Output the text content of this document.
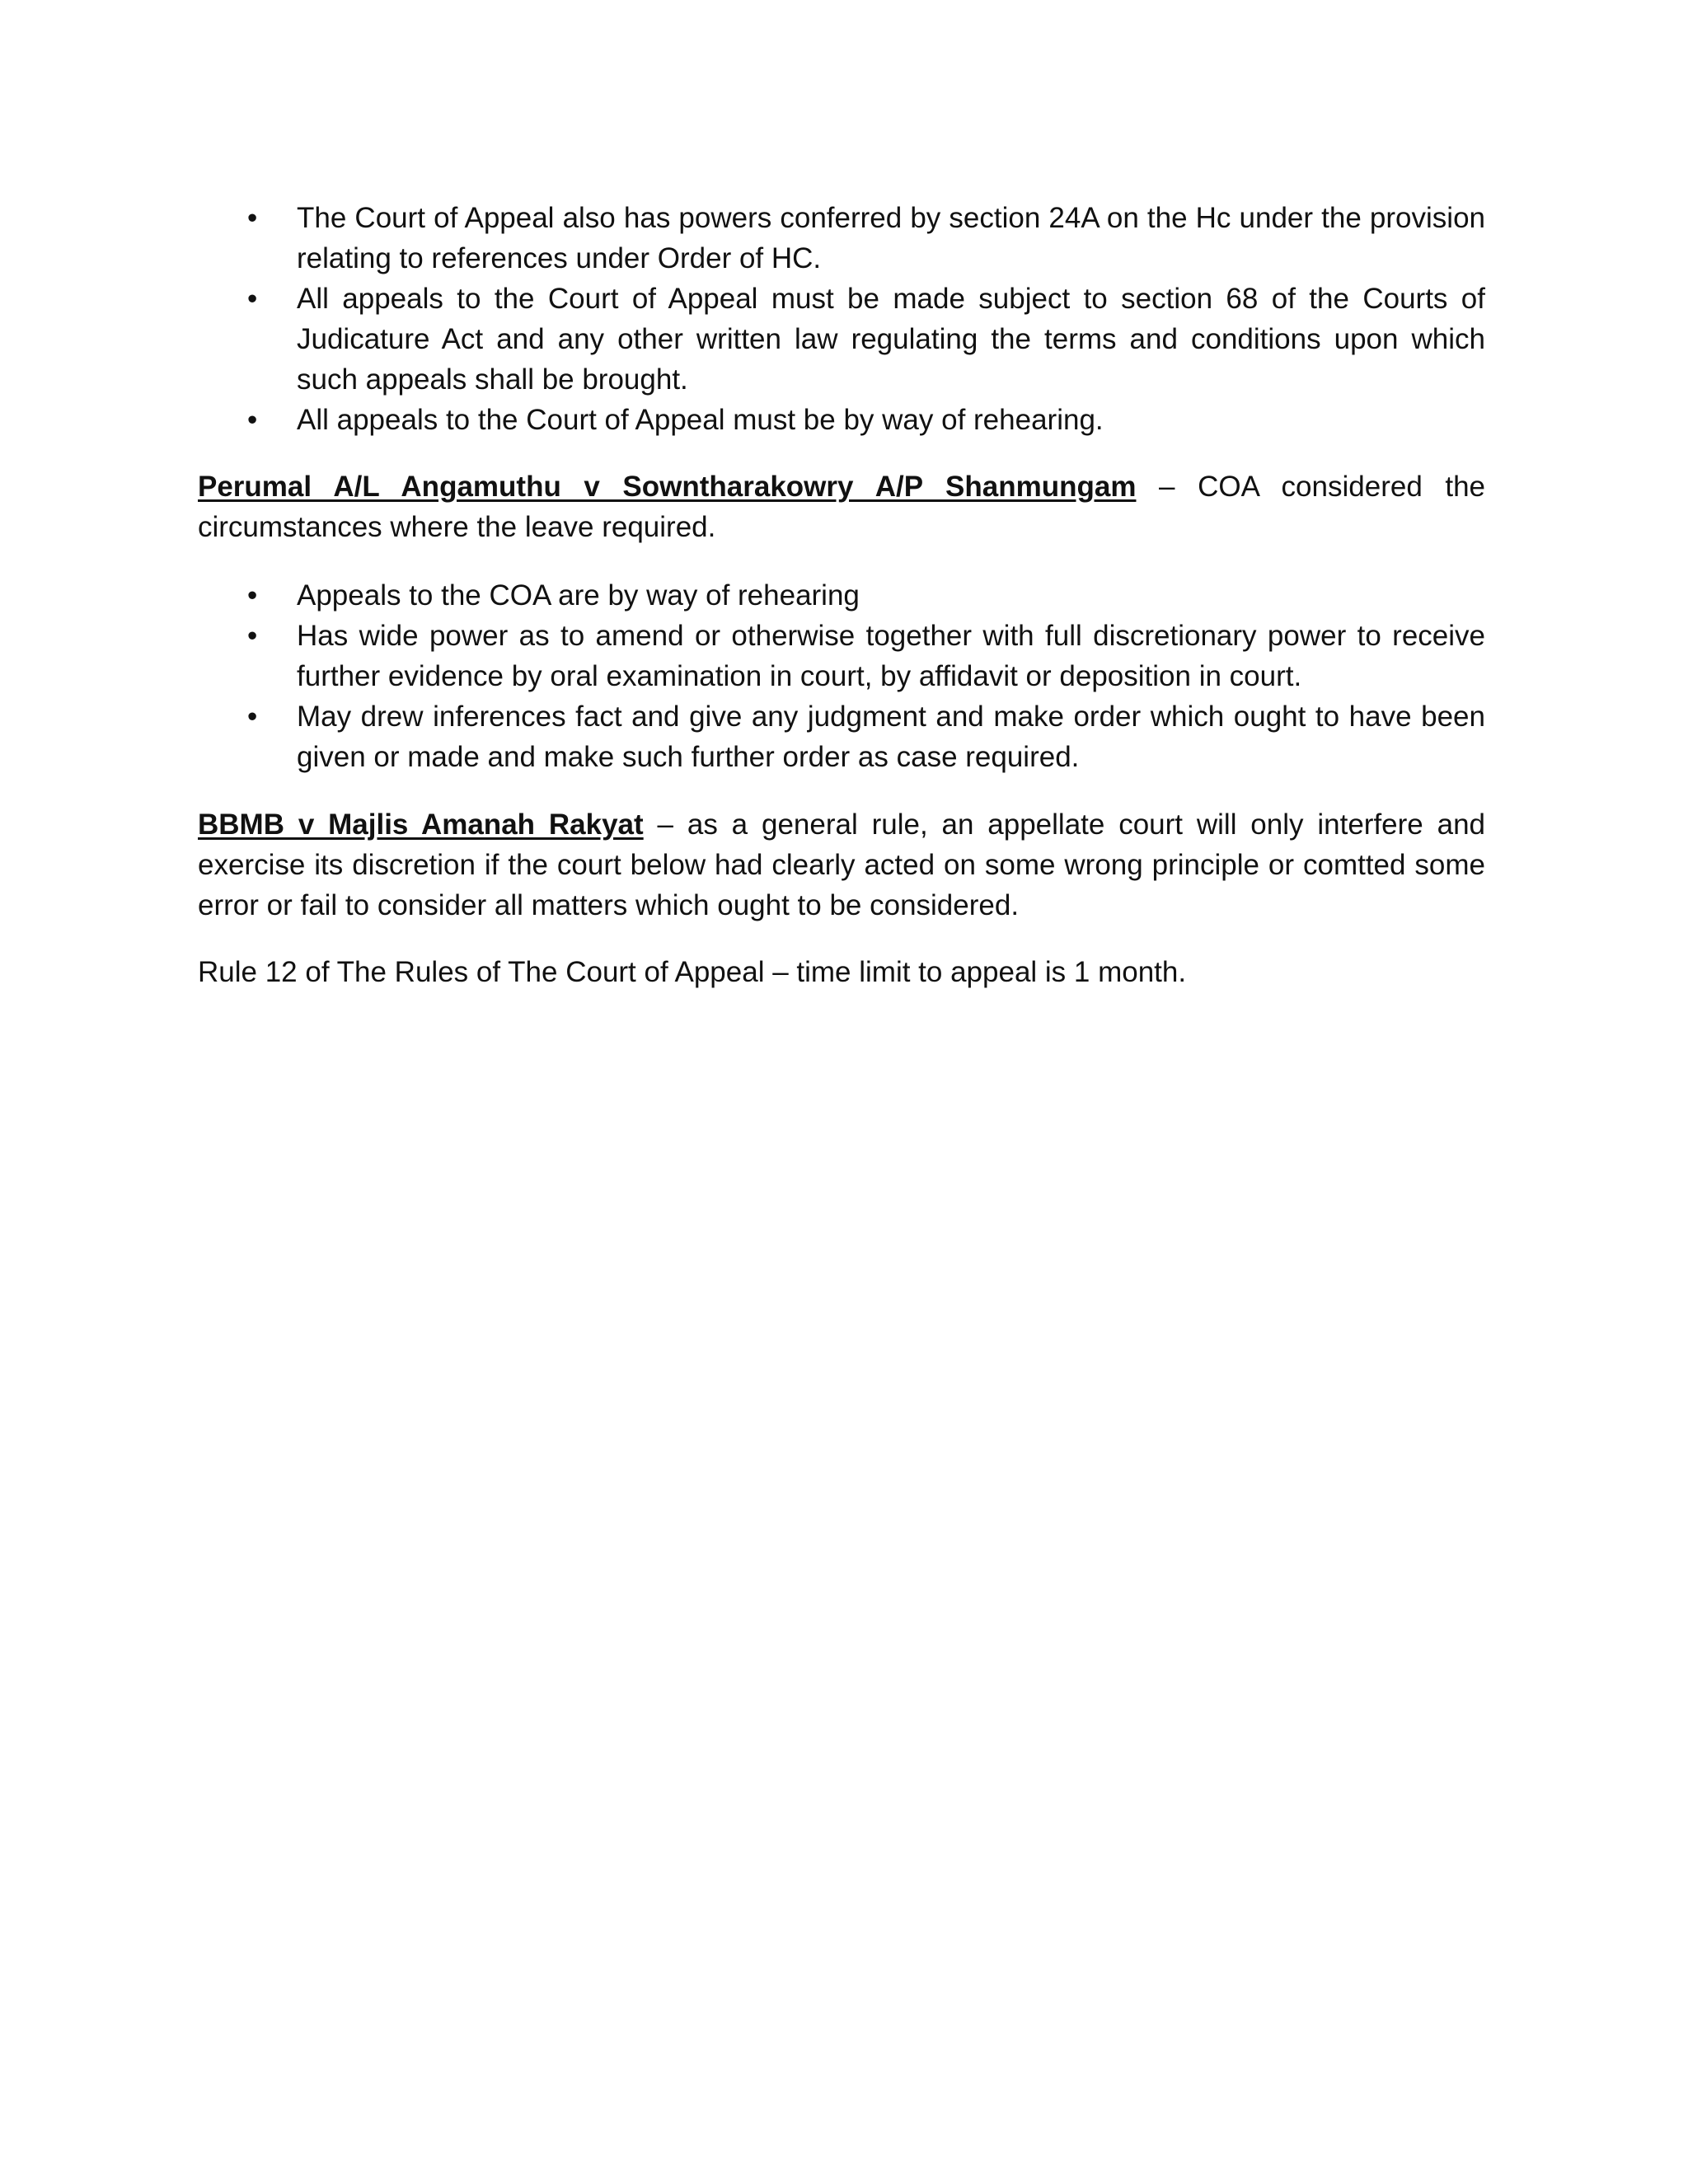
•	The Court of Appeal also has powers conferred by section 24A on the Hc under the provision relating to references under Order of HC.
•	All appeals to the Court of Appeal must be made subject to section 68 of the Courts of Judicature Act and any other written law regulating the terms and conditions upon which such appeals shall be brought.
•	All appeals to the Court of Appeal must be by way of rehearing.

Perumal A/L Angamuthu v Sowntharakowry A/P Shanmungam – COA considered the circumstances where the leave required.

•	Appeals to the COA are by way of rehearing
•	Has wide power as to amend or otherwise together with full discretionary power to receive further evidence by oral examination in court, by affidavit or deposition in court.
•	May drew inferences fact and give any judgment and make order which ought to have been given or made and make such further order as case required.

BBMB v Majlis Amanah Rakyat – as a general rule, an appellate court will only interfere and exercise its discretion if the court below had clearly acted on some wrong principle or comtted some error or fail to consider all matters which ought to be considered.

Rule 12 of The Rules of The Court of Appeal – time limit to appeal is 1 month.
